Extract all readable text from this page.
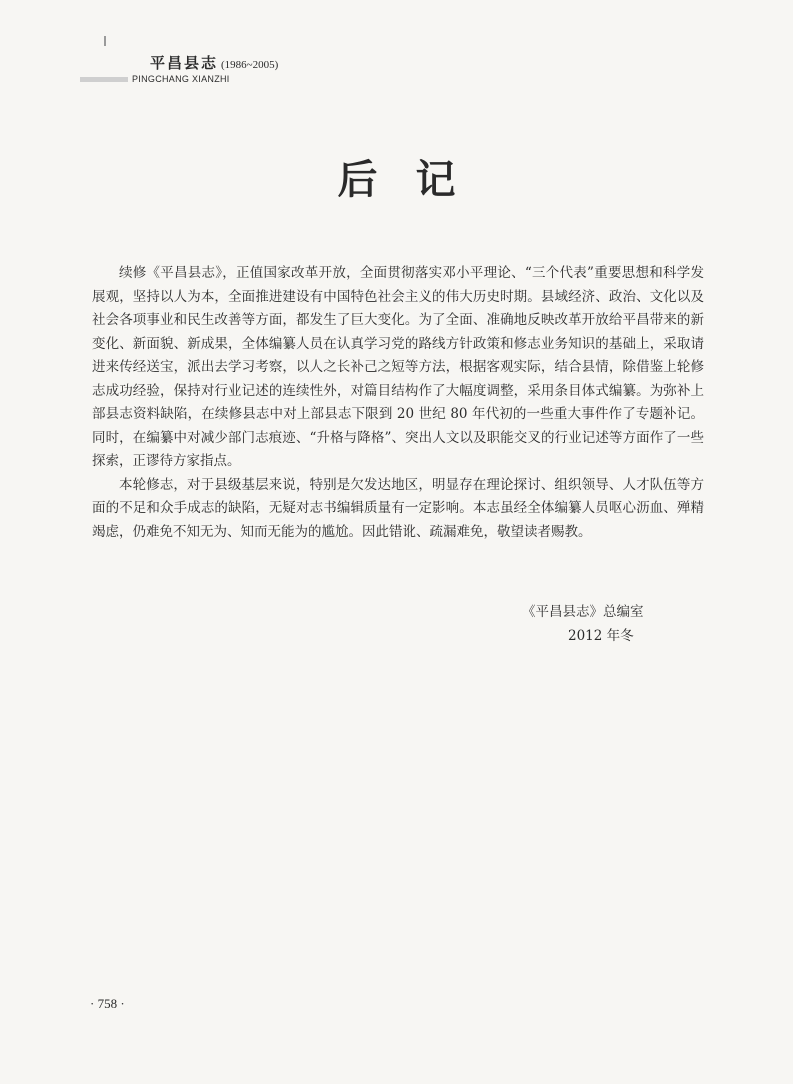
平昌县志 (1986~2005)
PINGCHANG XIANZHI
后记

续修《平昌县志》，正值国家改革开放，全面贯彻落实邓小平理论、“三个代表”重要思想和科学发展观，坚持以人为本，全面推进建设有中国特色社会主义的伟大历史时期。县域经济、政治、文化以及社会各项事业和民生改善等方面，都发生了巨大变化。为了全面、准确地反映改革开放给平昌带来的新变化、新面貌、新成果，全体编纂人员在认真学习党的路线方针政策和修志业务知识的基础上，采取请进来传经送宝，派出去学习考察，以人之长补己之短等方法，根据客观实际，结合县情，除借鉴上轮修志成功经验，保持对行业记述的连续性外，对篇目结构作了大幅度调整，采用条目体式编纂。为弥补上部县志资料缺陷，在续修县志中对上部县志下限到 20 世纪 80 年代初的一些重大事件作了专题补记。同时，在编纂中对减少部门志痕迹、“升格与降格”、突出人文以及职能交叉的行业记述等方面作了一些探索，正谬待方家指点。

本轮修志，对于县级基层来说，特别是欠发达地区，明显存在理论探讨、组织领导、人才队伍等方面的不足和众手成志的缺陷，无疑对志书编辑质量有一定影响。本志虽经全体编纂人员呕心沥血、殚精竭虑，仍难免不知无为、知而无能为的尴尬。因此错讹、疏漏难免，敬望读者赐教。

《平昌县志》总编室
2012 年冬
· 758 ·
